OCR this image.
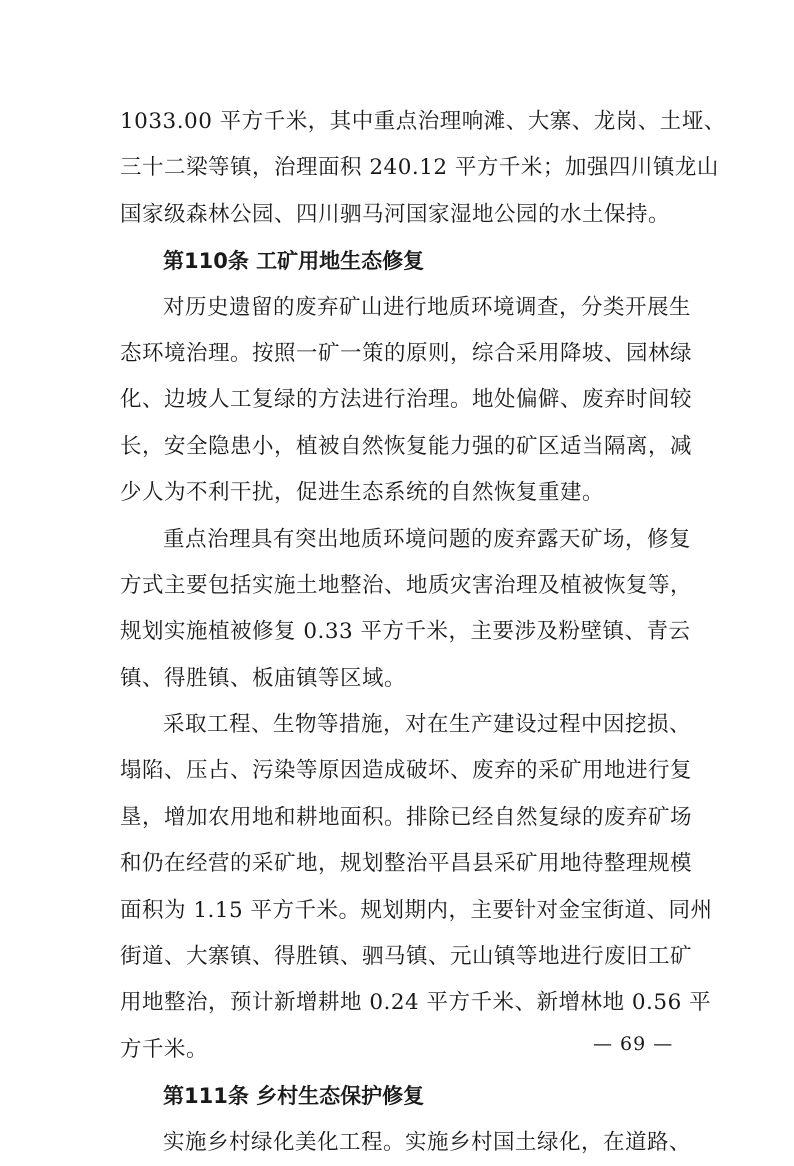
1033.00 平方千米，其中重点治理响滩、大寨、龙岗、土垭、
三十二梁等镇，治理面积 240.12 平方千米；加强四川镇龙山
国家级森林公园、四川驷马河国家湿地公园的水土保持。
第110条 工矿用地生态修复
对历史遗留的废弃矿山进行地质环境调查，分类开展生
态环境治理。按照一矿一策的原则，综合采用降坡、园林绿
化、边坡人工复绿的方法进行治理。地处偏僻、废弃时间较
长，安全隐患小，植被自然恢复能力强的矿区适当隔离，减
少人为不利干扰，促进生态系统的自然恢复重建。
重点治理具有突出地质环境问题的废弃露天矿场，修复
方式主要包括实施土地整治、地质灾害治理及植被恢复等，
规划实施植被修复 0.33 平方千米，主要涉及粉壁镇、青云
镇、得胜镇、板庙镇等区域。
采取工程、生物等措施，对在生产建设过程中因挖损、
塌陷、压占、污染等原因造成破坏、废弃的采矿用地进行复
垦，增加农用地和耕地面积。排除已经自然复绿的废弃矿场
和仍在经营的采矿地，规划整治平昌县采矿用地待整理规模
面积为 1.15 平方千米。规划期内，主要针对金宝街道、同州
街道、大寨镇、得胜镇、驷马镇、元山镇等地进行废旧工矿
用地整治，预计新增耕地 0.24 平方千米、新增林地 0.56 平
方千米。
第111条 乡村生态保护修复
实施乡村绿化美化工程。实施乡村国土绿化，在道路、
— 69 —
